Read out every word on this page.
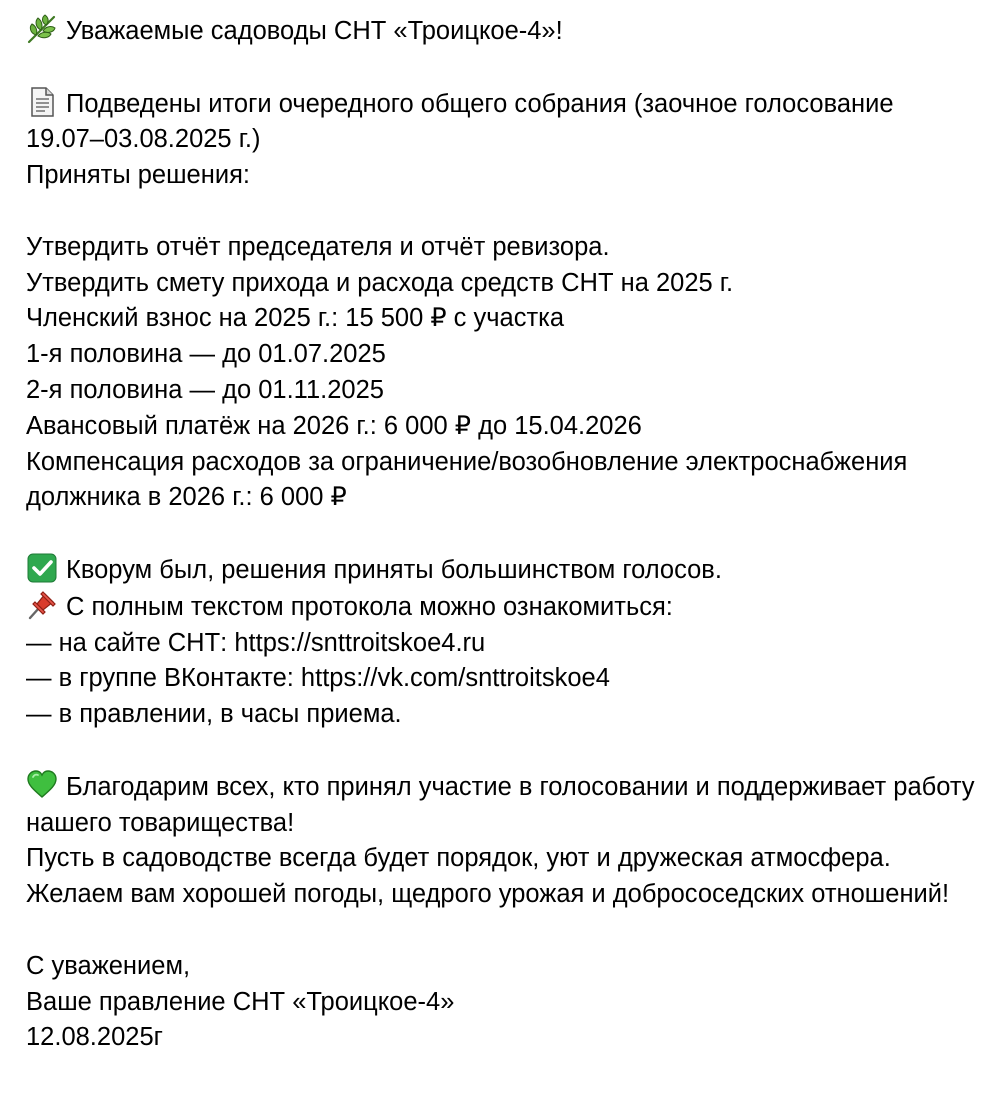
Уважаемые садоводы СНТ «Троицкое-4»!
Подведены итоги очередного общего собрания (заочное голосование 19.07–03.08.2025 г.)
Приняты решения:
Утвердить отчёт председателя и отчёт ревизора.
Утвердить смету прихода и расхода средств СНТ на 2025 г.
Членский взнос на 2025 г.: 15 500 ₽ с участка
1-я половина — до 01.07.2025
2-я половина — до 01.11.2025
Авансовый платёж на 2026 г.: 6 000 ₽ до 15.04.2026
Компенсация расходов за ограничение/возобновление электроснабжения должника в 2026 г.: 6 000 ₽
Кворум был, решения приняты большинством голосов.
С полным текстом протокола можно ознакомиться:
— на сайте СНТ: https://snttroitskoe4.ru
— в группе ВКонтакте: https://vk.com/snttroitskoe4
— в правлении, в часы приема.
Благодарим всех, кто принял участие в голосовании и поддерживает работу нашего товарищества!
Пусть в садоводстве всегда будет порядок, уют и дружеская атмосфера.
Желаем вам хорошей погоды, щедрого урожая и добрососедских отношений!
С уважением,
Ваше правление СНТ «Троицкое-4»
12.08.2025г
